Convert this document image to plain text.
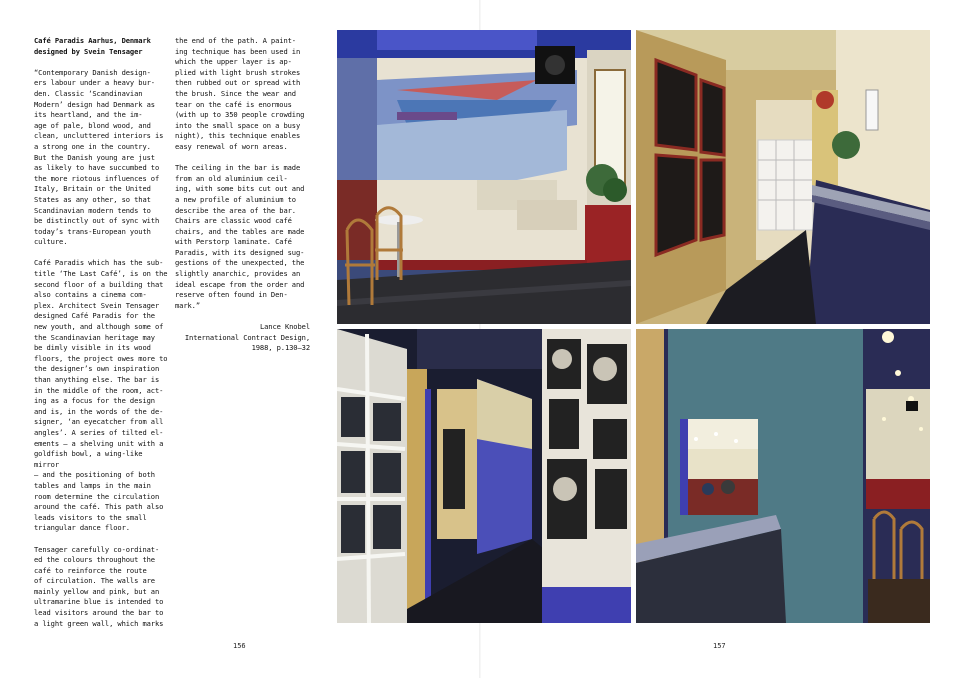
Café Paradis Aarhus, Denmark
designed by Svein Tensager

“Contemporary Danish design-
ers labour under a heavy bur-
den. Classic ‘Scandinavian
Modern’ design had Denmark as
its heartland, and the im-
age of pale, blond wood, and
clean, uncluttered interiors is
a strong one in the country.
But the Danish young are just
as likely to have succumbed to
the more riotous influences of
Italy, Britain or the United
States as any other, so that
Scandinavian modern tends to
be distinctly out of sync with
today’s trans-European youth
culture.

Café Paradis which has the sub-
title ‘The Last Café’, is on the
second floor of a building that
also contains a cinema com-
plex. Architect Svein Tensager
designed Café Paradis for the
new youth, and although some of
the Scandinavian heritage may
be dimly visible in its wood
floors, the project owes more to
the designer’s own inspiration
than anything else. The bar is
in the middle of the room, act-
ing as a focus for the design
and is, in the words of the de-
signer, ‘an eyecatcher from all
angles’. A series of tilted el-
ements – a shelving unit with a
goldfish bowl, a wing-like mirror
– and the positioning of both
tables and lamps in the main
room determine the circulation
around the café. This path also
leads visitors to the small
triangular dance floor.

Tensager carefully co-ordinat-
ed the colours throughout the
café to reinforce the route
of circulation. The walls are
mainly yellow and pink, but an
ultramarine blue is intended to
lead visitors around the bar to
a light green wall, which marks

the end of the path. A paint-
ing technique has been used in
which the upper layer is ap-
plied with light brush strokes
then rubbed out or spread with
the brush. Since the wear and
tear on the café is enormous
(with up to 350 people crowding
into the small space on a busy
night), this technique enables
easy renewal of worn areas.

The ceiling in the bar is made
from an old aluminium ceil-
ing, with some bits cut out and
a new profile of aluminium to
describe the area of the bar.
Chairs are classic wood café
chairs, and the tables are made
with Perstorp laminate. Café
Paradis, with its designed sug-
gestions of the unexpected, the
slightly anarchic, provides an
ideal escape from the order and
reserve often found in Den-
mark.”

Lance Knobel
International Contract Design,
1988, p.130–32
156	157
